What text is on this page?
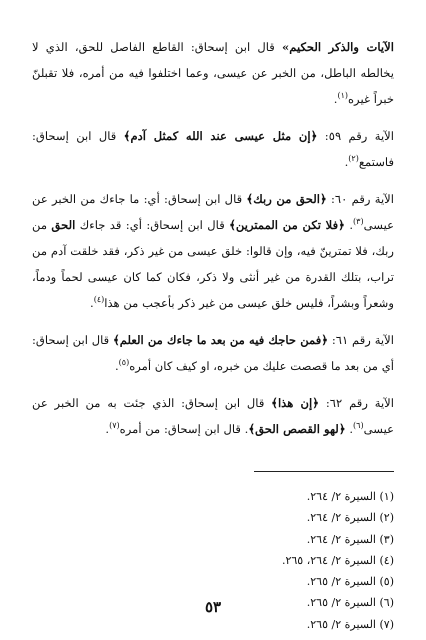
الآيات والذكر الحكيم» قال ابن إسحاق: القاطع الفاصل للحق، الذي لا يخالطه الباطل، من الخبر عن عيسى، وعما اختلفوا فيه من أمره، فلا تقبلنّ خبراً غيره$^{(١)}$.

الآية رقم ٥٩: ﴿إن مثل عيسى عند الله كمثل آدم﴾ قال ابن إسحاق: فاستمع$^{(٢)}$.

الآية رقم ٦٠: ﴿الحق من ربك﴾ قال ابن إسحاق: أي: ما جاءك من الخبر عن عيسى$^{(٣)}$. ﴿فلا تكن من الممترين﴾ قال ابن إسحاق: أي: قد جاءك الحق من ربك، فلا تمترينّ فيه، وإن قالوا: خلق عيسى من غير ذكر، فقد خلقت آدم من تراب، بتلك القدرة من غير أنثى ولا ذكر، فكان كما كان عيسى لحماً ودماً، وشعراً وبشراً، فليس خلق عيسى من غير ذكر بأعجب من هذا$^{(٤)}$.

الآية رقم ٦١: ﴿فمن حاجك فيه من بعد ما جاءك من العلم﴾ قال ابن إسحاق: أي من بعد ما قصصت عليك من خبره، او كيف كان أمره$^{(٥)}$.

الآية رقم ٦٢: ﴿إن هذا﴾ قال ابن إسحاق: الذي جئت به من الخبر عن عيسى$^{(٦)}$. ﴿لهو القصص الحق﴾. قال ابن إسحاق: من أمره$^{(٧)}$.

(١) السيرة ٢/ ٢٦٤.
(٢) السيرة ٢/ ٢٦٤.
(٣) السيرة ٢/ ٢٦٤.
(٤) السيرة ٢/ ٢٦٤، ٢٦٥.
(٥) السيرة ٢/ ٢٦٥.
(٦) السيرة ٢/ ٢٦٥.
(٧) السيرة ٢/ ٢٦٥.
٥٣
